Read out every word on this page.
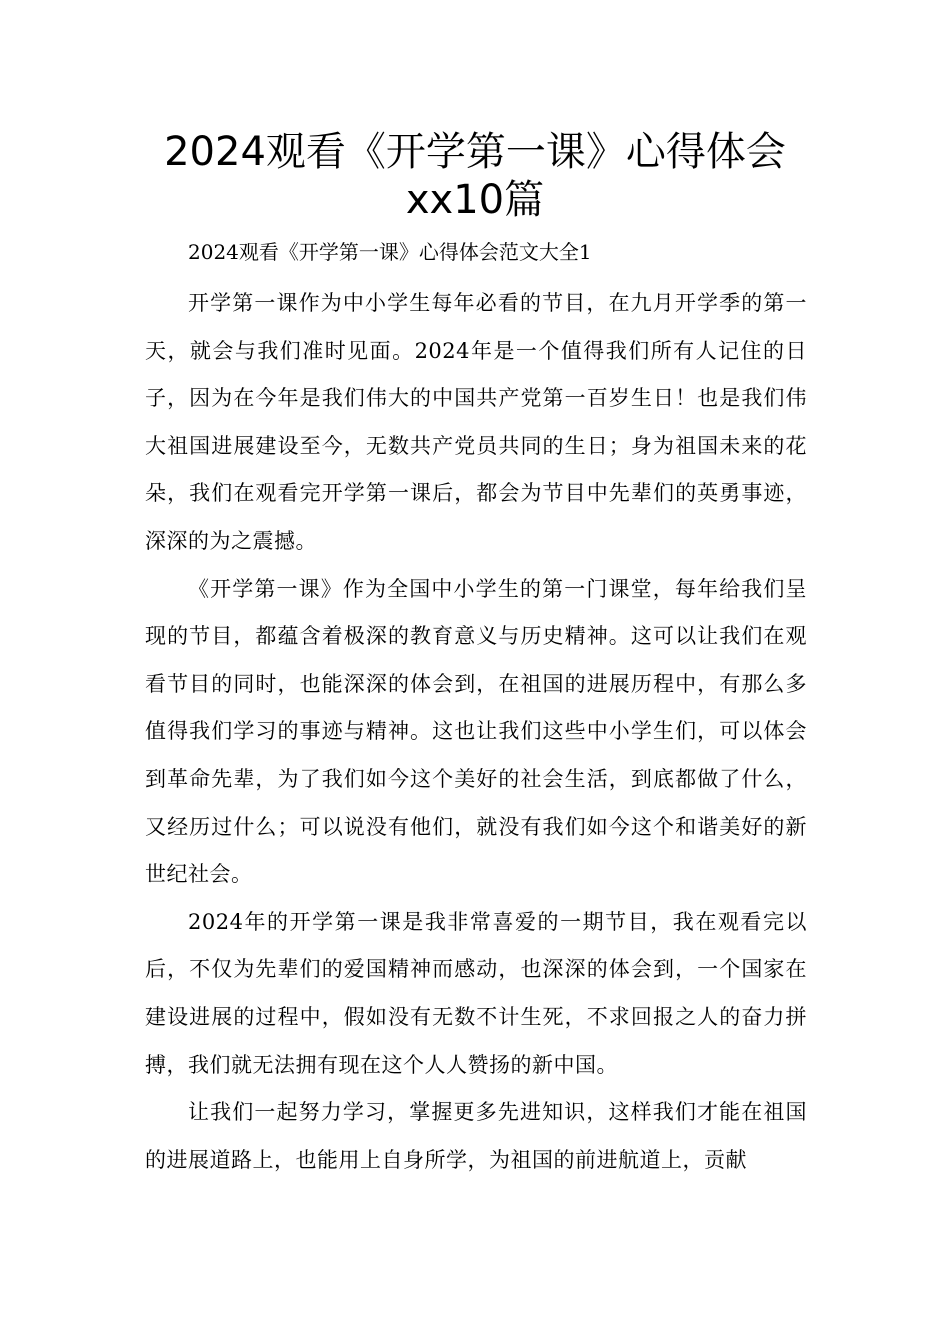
2024观看《开学第一课》心得体会
xx10篇
2024观看《开学第一课》心得体会范文大全1

开学第一课作为中小学生每年必看的节目，在九月开学季的第一天，就会与我们准时见面。2024年是一个值得我们所有人记住的日子，因为在今年是我们伟大的中国共产党第一百岁生日！也是我们伟大祖国进展建设至今，无数共产党员共同的生日；身为祖国未来的花朵，我们在观看完开学第一课后，都会为节目中先辈们的英勇事迹，深深的为之震撼。

《开学第一课》作为全国中小学生的第一门课堂，每年给我们呈现的节目，都蕴含着极深的教育意义与历史精神。这可以让我们在观看节目的同时，也能深深的体会到，在祖国的进展历程中，有那么多值得我们学习的事迹与精神。这也让我们这些中小学生们，可以体会到革命先辈，为了我们如今这个美好的社会生活，到底都做了什么，又经历过什么；可以说没有他们，就没有我们如今这个和谐美好的新世纪社会。

2024年的开学第一课是我非常喜爱的一期节目，我在观看完以后，不仅为先辈们的爱国精神而感动，也深深的体会到，一个国家在建设进展的过程中，假如没有无数不计生死，不求回报之人的奋力拼搏，我们就无法拥有现在这个人人赞扬的新中国。

让我们一起努力学习，掌握更多先进知识，这样我们才能在祖国的进展道路上，也能用上自身所学，为祖国的前进航道上，贡献
